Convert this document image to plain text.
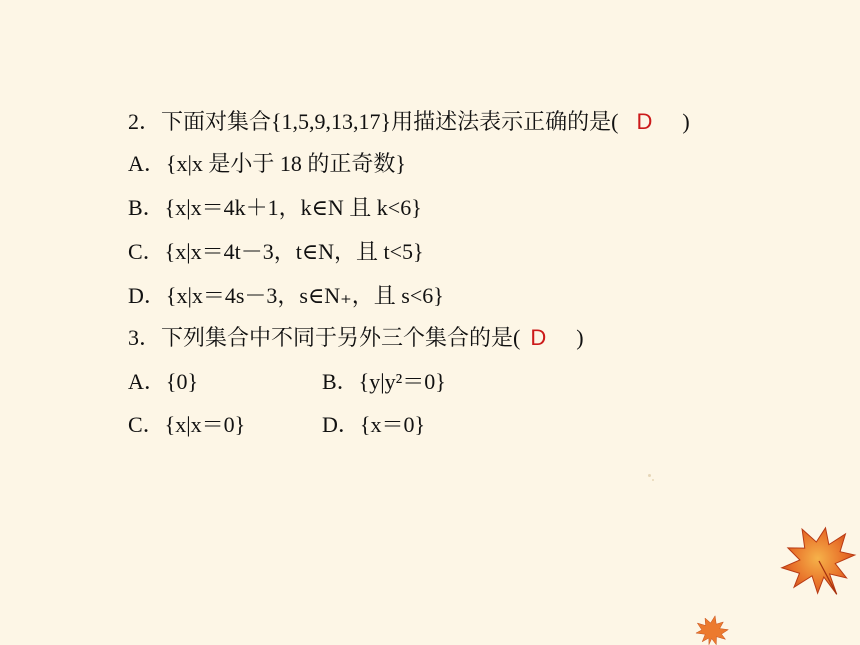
2．下面对集合{1,5,9,13,17}用描述法表示正确的是( D )
A．{x|x 是小于 18 的正奇数}
B．{x|x＝4k＋1，k∈N 且 k<6}
C．{x|x＝4t－3，t∈N，且 t<5}
D．{x|x＝4s－3，s∈N₊，且 s<6}
3．下列集合中不同于另外三个集合的是( D )
A．{0}	B．{y|y²＝0}
C．{x|x＝0}	D．{x＝0}
